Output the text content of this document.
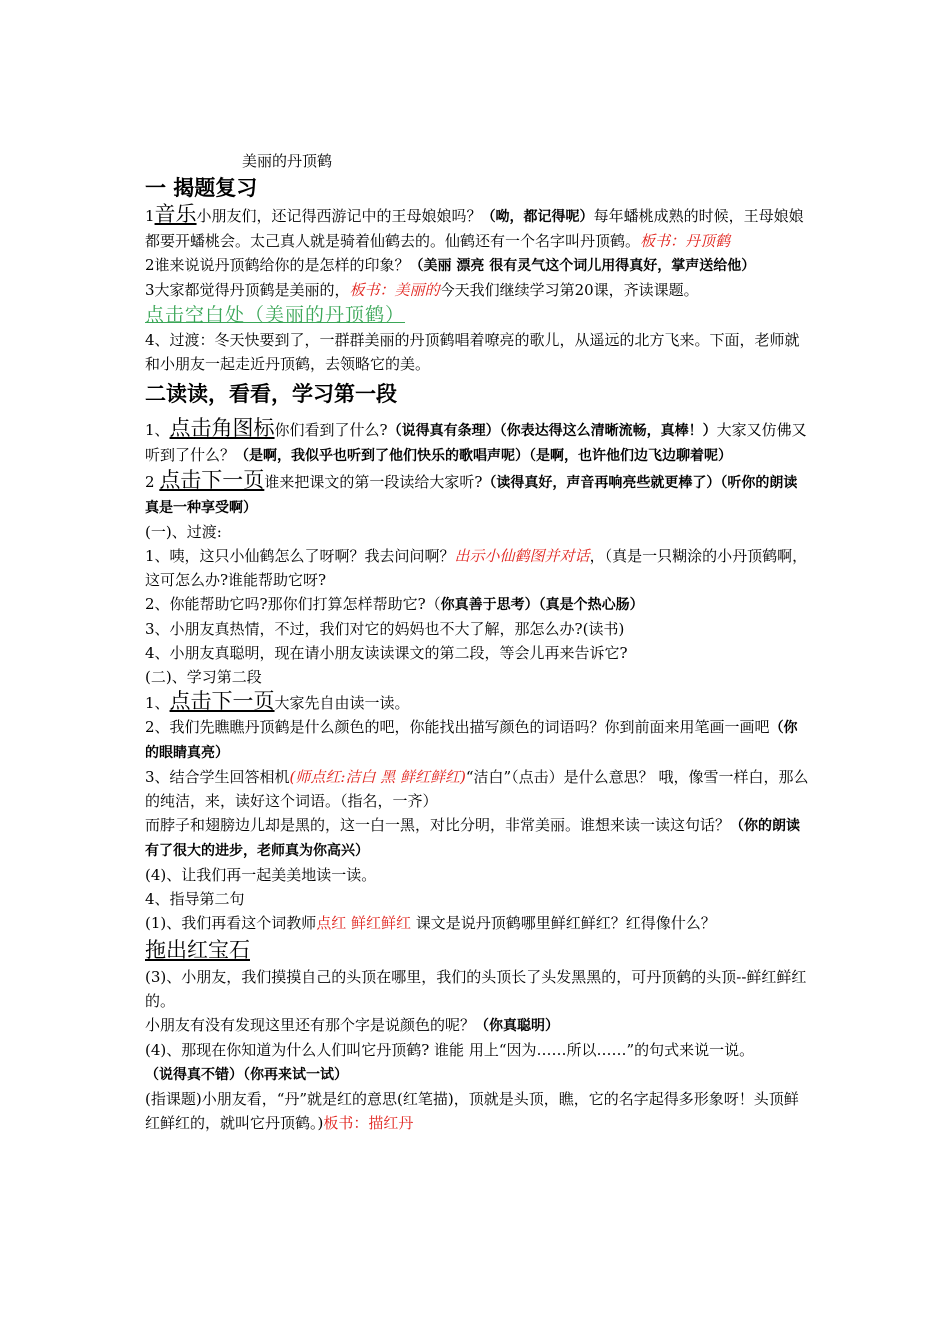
美丽的丹顶鹤

一 揭题复习

1音乐小朋友们，还记得西游记中的王母娘娘吗？（呦，都记得呢）每年蟠桃成熟的时候，王母娘娘都要开蟠桃会。太己真人就是骑着仙鹤去的。仙鹤还有一个名字叫丹顶鹤。板书：丹顶鹤

2谁来说说丹顶鹤给你的是怎样的印象？（美丽 漂亮 很有灵气这个词儿用得真好，掌声送给他）

3大家都觉得丹顶鹤是美丽的，板书：美丽的今天我们继续学习第20课，齐读课题。

点击空白处（美丽的丹顶鹤）

4、过渡：冬天快要到了，一群群美丽的丹顶鹤唱着嘹亮的歌儿，从遥远的北方飞来。下面，老师就和小朋友一起走近丹顶鹤，去领略它的美。

二读读，看看，学习第一段

1、点击角图标你们看到了什么?（说得真有条理）（你表达得这么清晰流畅，真棒！）大家又仿佛又听到了什么？（是啊，我似乎也听到了他们快乐的歌唱声呢）（是啊，也许他们边飞边聊着呢）

2 点击下一页谁来把课文的第一段读给大家听?（读得真好，声音再响亮些就更棒了）（听你的朗读真是一种享受啊）

(一)、过渡:

1、咦，这只小仙鹤怎么了呀啊？我去问问啊？出示小仙鹤图并对话，（真是一只糊涂的小丹顶鹤啊，这可怎么办?谁能帮助它呀?

2、你能帮助它吗?那你们打算怎样帮助它?（你真善于思考）（真是个热心肠）

3、小朋友真热情，不过，我们对它的妈妈也不大了解，那怎么办?(读书)

4、小朋友真聪明，现在请小朋友读读课文的第二段，等会儿再来告诉它?

(二)、学习第二段

1、点击下一页大家先自由读一读。

2、我们先瞧瞧丹顶鹤是什么颜色的吧，你能找出描写颜色的词语吗？你到前面来用笔画一画吧（你的眼睛真亮）

3、结合学生回答相机(师点红:洁白 黑 鲜红鲜红)“洁白”（点击）是什么意思？ 哦，像雪一样白，那么的纯洁，来，读好这个词语。（指名，一齐）

而脖子和翅膀边儿却是黑的，这一白一黑，对比分明，非常美丽。谁想来读一读这句话？（你的朗读有了很大的进步，老师真为你高兴）

(4)、让我们再一起美美地读一读。

4、指导第二句

(1)、我们再看这个词教师点红 鲜红鲜红 课文是说丹顶鹤哪里鲜红鲜红？红得像什么？

拖出红宝石

(3)、小朋友，我们摸摸自己的头顶在哪里，我们的头顶长了头发黑黑的，可丹顶鹤的头顶--鲜红鲜红的。

小朋友有没有发现这里还有那个字是说颜色的呢？（你真聪明）

(4)、那现在你知道为什么人们叫它丹顶鹤? 谁能 用上“因为……所以……”的句式来说一说。      （说得真不错）（你再来试一试）

(指课题)小朋友看，“丹”就是红的意思(红笔描)，顶就是头顶，瞧，它的名字起得多形象呀！头顶鲜红鲜红的，就叫它丹顶鹤。)板书：描红丹
